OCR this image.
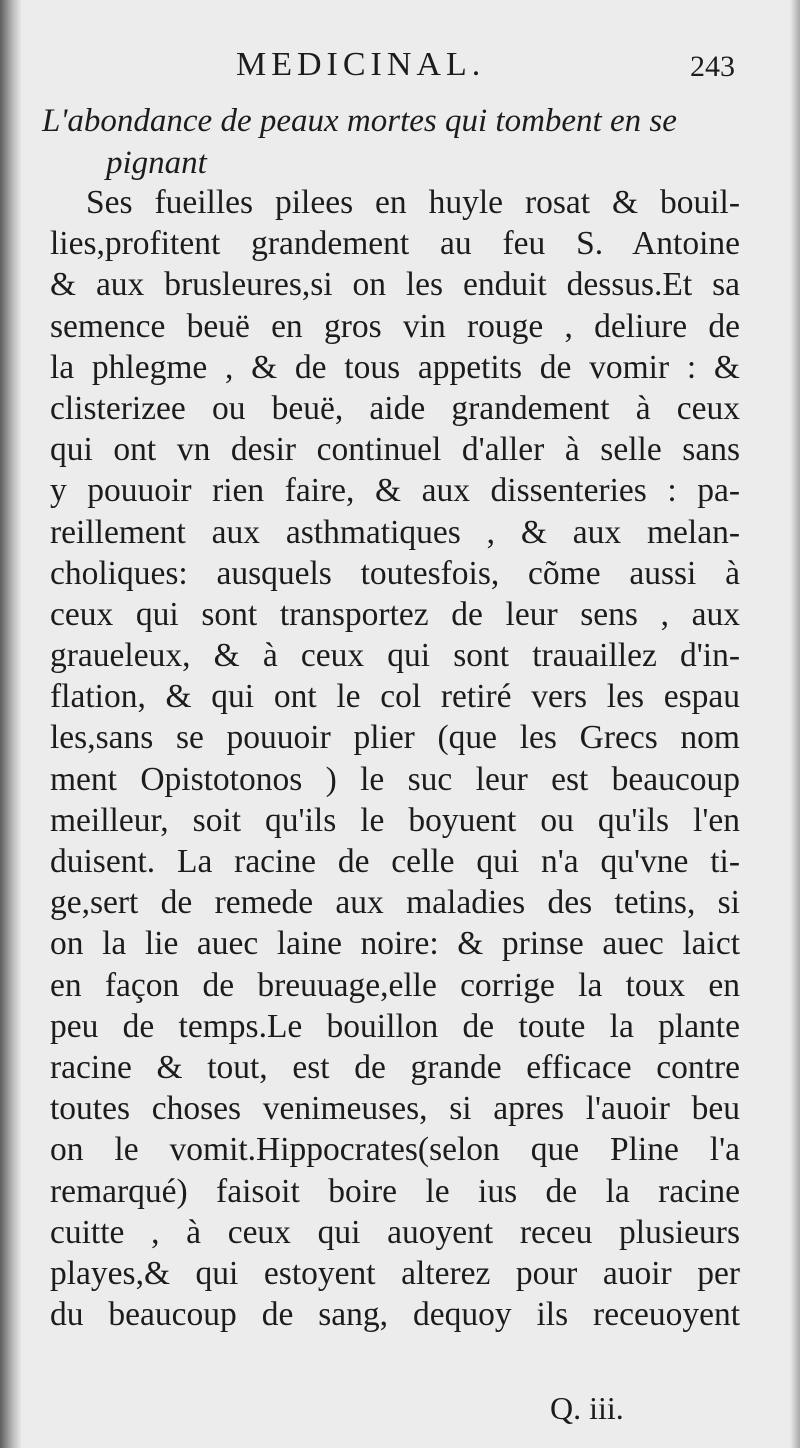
MEDICINAL.	243
L'abondance de peaux mortes qui tombent en se
pignant
Ses fueilles pilees en huyle rosat & bouil-
lies,profitent grandement au feu S. Antoine
& aux brusleures,si on les enduit dessus.Et sa
semence beuë en gros vin rouge , deliure de
la phlegme , & de tous appetits de vomir : &
clisterizee ou beuë, aide grandement à ceux
qui ont vn desir continuel d'aller à selle sans
y pouuoir rien faire, & aux dissenteries : pa-
reillement aux asthmatiques , & aux melan-
choliques: ausquels toutesfois, cõme aussi à
ceux qui sont transportez de leur sens , aux
graueleux, & à ceux qui sont trauaillez d'in-
flation, & qui ont le col retiré vers les espau
les,sans se pouuoir plier (que les Grecs nom
ment Opistotonos ) le suc leur est beaucoup
meilleur, soit qu'ils le boyuent ou qu'ils l'en
duisent. La racine de celle qui n'a qu'vne ti-
ge,sert de remede aux maladies des tetins, si
on la lie auec laine noire: & prinse auec laict
en façon de breuuage,elle corrige la toux en
peu de temps.Le bouillon de toute la plante
racine & tout, est de grande efficace contre
toutes choses venimeuses, si apres l'auoir beu
on le vomit.Hippocrates(selon que Pline l'a
remarqué) faisoit boire le ius de la racine
cuitte , à ceux qui auoyent receu plusieurs
playes,& qui estoyent alterez pour auoir per
du beaucoup de sang, dequoy ils receuoyent
Q. iii.
